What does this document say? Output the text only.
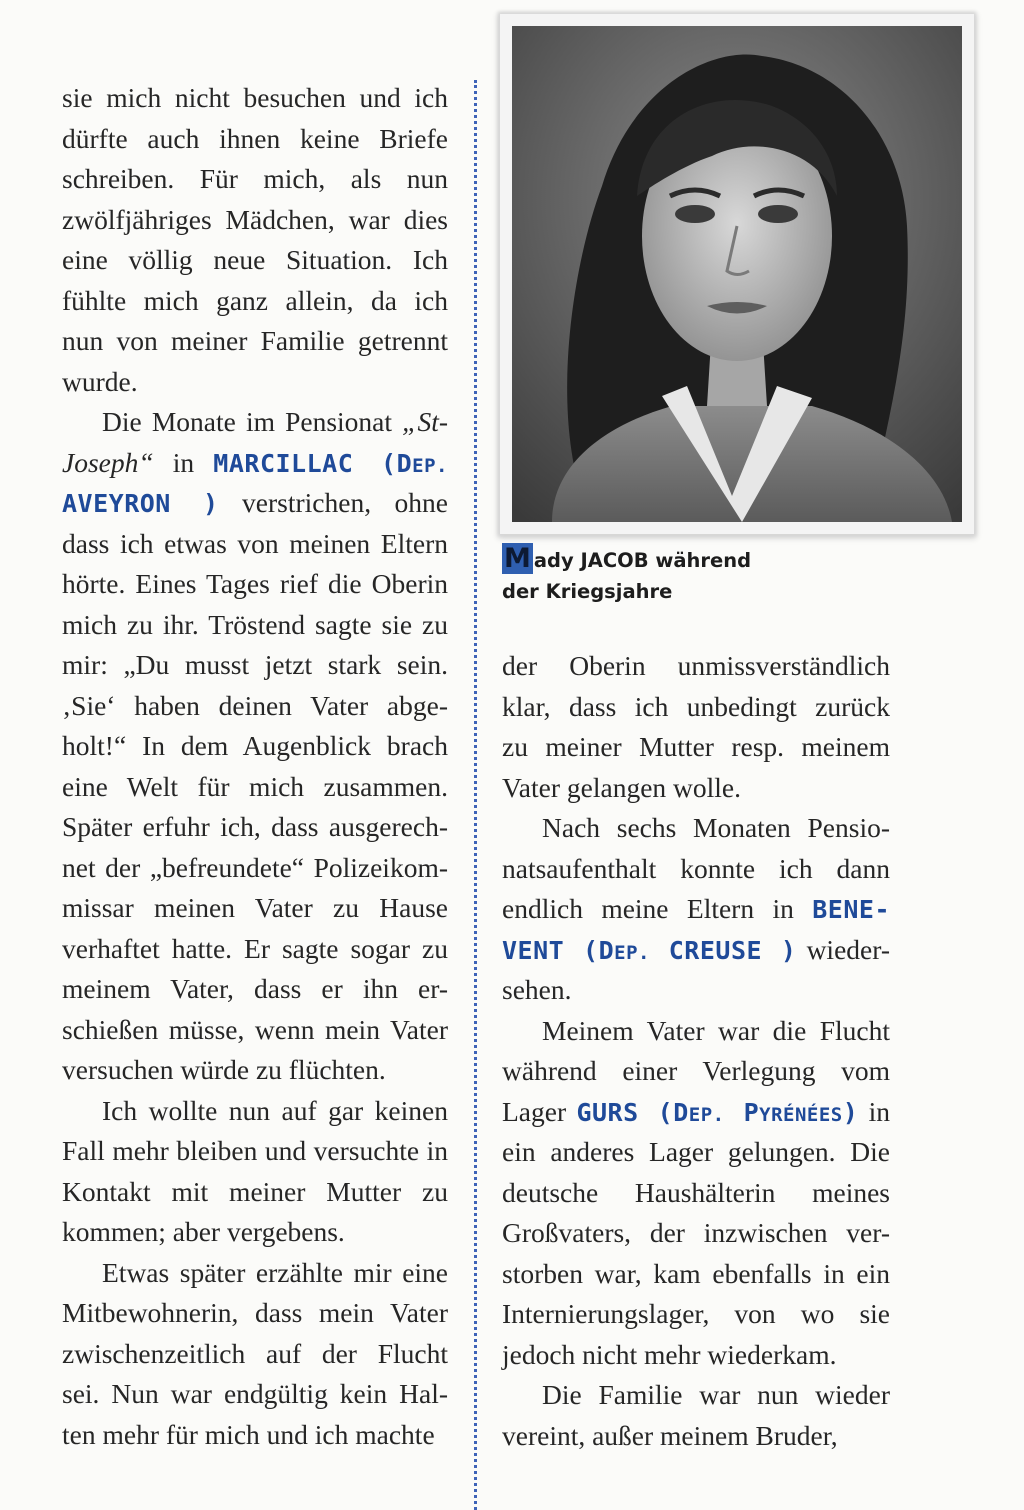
sie mich nicht besuchen und ich
dürfte auch ihnen keine Briefe
schreiben. Für mich, als nun
zwölfjähriges Mädchen, war dies
eine völlig neue Situation. Ich
fühlte mich ganz allein, da ich
nun von meiner Familie getrennt
wurde.

Die Monate im Pensionat „St-
Joseph“ in MARCILLAC (DEP.
AVEYRON ) verstrichen, ohne
dass ich etwas von meinen Eltern
hörte. Eines Tages rief die Oberin
mich zu ihr. Tröstend sagte sie zu
mir: „Du musst jetzt stark sein.
‚Sie‘ haben deinen Vater abge-
holt!“ In dem Augenblick brach
eine Welt für mich zusammen.
Später erfuhr ich, dass ausgerech-
net der „befreundete“ Polizeikom-
missar meinen Vater zu Hause
verhaftet hatte. Er sagte sogar zu
meinem Vater, dass er ihn er-
schießen müsse, wenn mein Vater
versuchen würde zu flüchten.

Ich wollte nun auf gar keinen
Fall mehr bleiben und versuchte in
Kontakt mit meiner Mutter zu
kommen; aber vergebens.

Etwas später erzählte mir eine
Mitbewohnerin, dass mein Vater
zwischenzeitlich auf der Flucht
sei. Nun war endgültig kein Hal-
ten mehr für mich und ich machte

M ady JACOB während
der Kriegsjahre

der Oberin unmissverständlich
klar, dass ich unbedingt zurück
zu meiner Mutter resp. meinem
Vater gelangen wolle.

Nach sechs Monaten Pensio-
natsaufenthalt konnte ich dann
endlich meine Eltern in BENE-
VENT (DEP. CREUSE ) wieder-
sehen.

Meinem Vater war die Flucht
während einer Verlegung vom
Lager GURS (DEP. PYRÉNÉES) in
ein anderes Lager gelungen. Die
deutsche Haushälterin meines
Großvaters, der inzwischen ver-
storben war, kam ebenfalls in ein
Internierungslager, von wo sie
jedoch nicht mehr wiederkam.

Die Familie war nun wieder
vereint, außer meinem Bruder,
